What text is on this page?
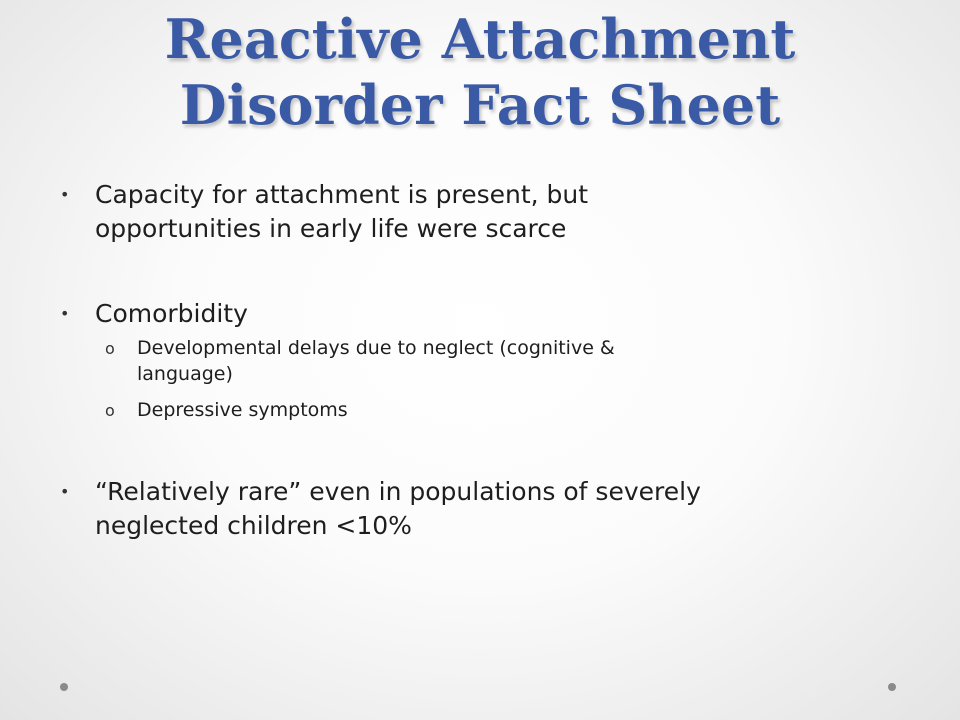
Reactive Attachment
Disorder Fact Sheet
• Capacity for attachment is present, but
opportunities in early life were scarce
• Comorbidity
o Developmental delays due to neglect (cognitive &
language)
o Depressive symptoms
• “Relatively rare” even in populations of severely
neglected children <10%
